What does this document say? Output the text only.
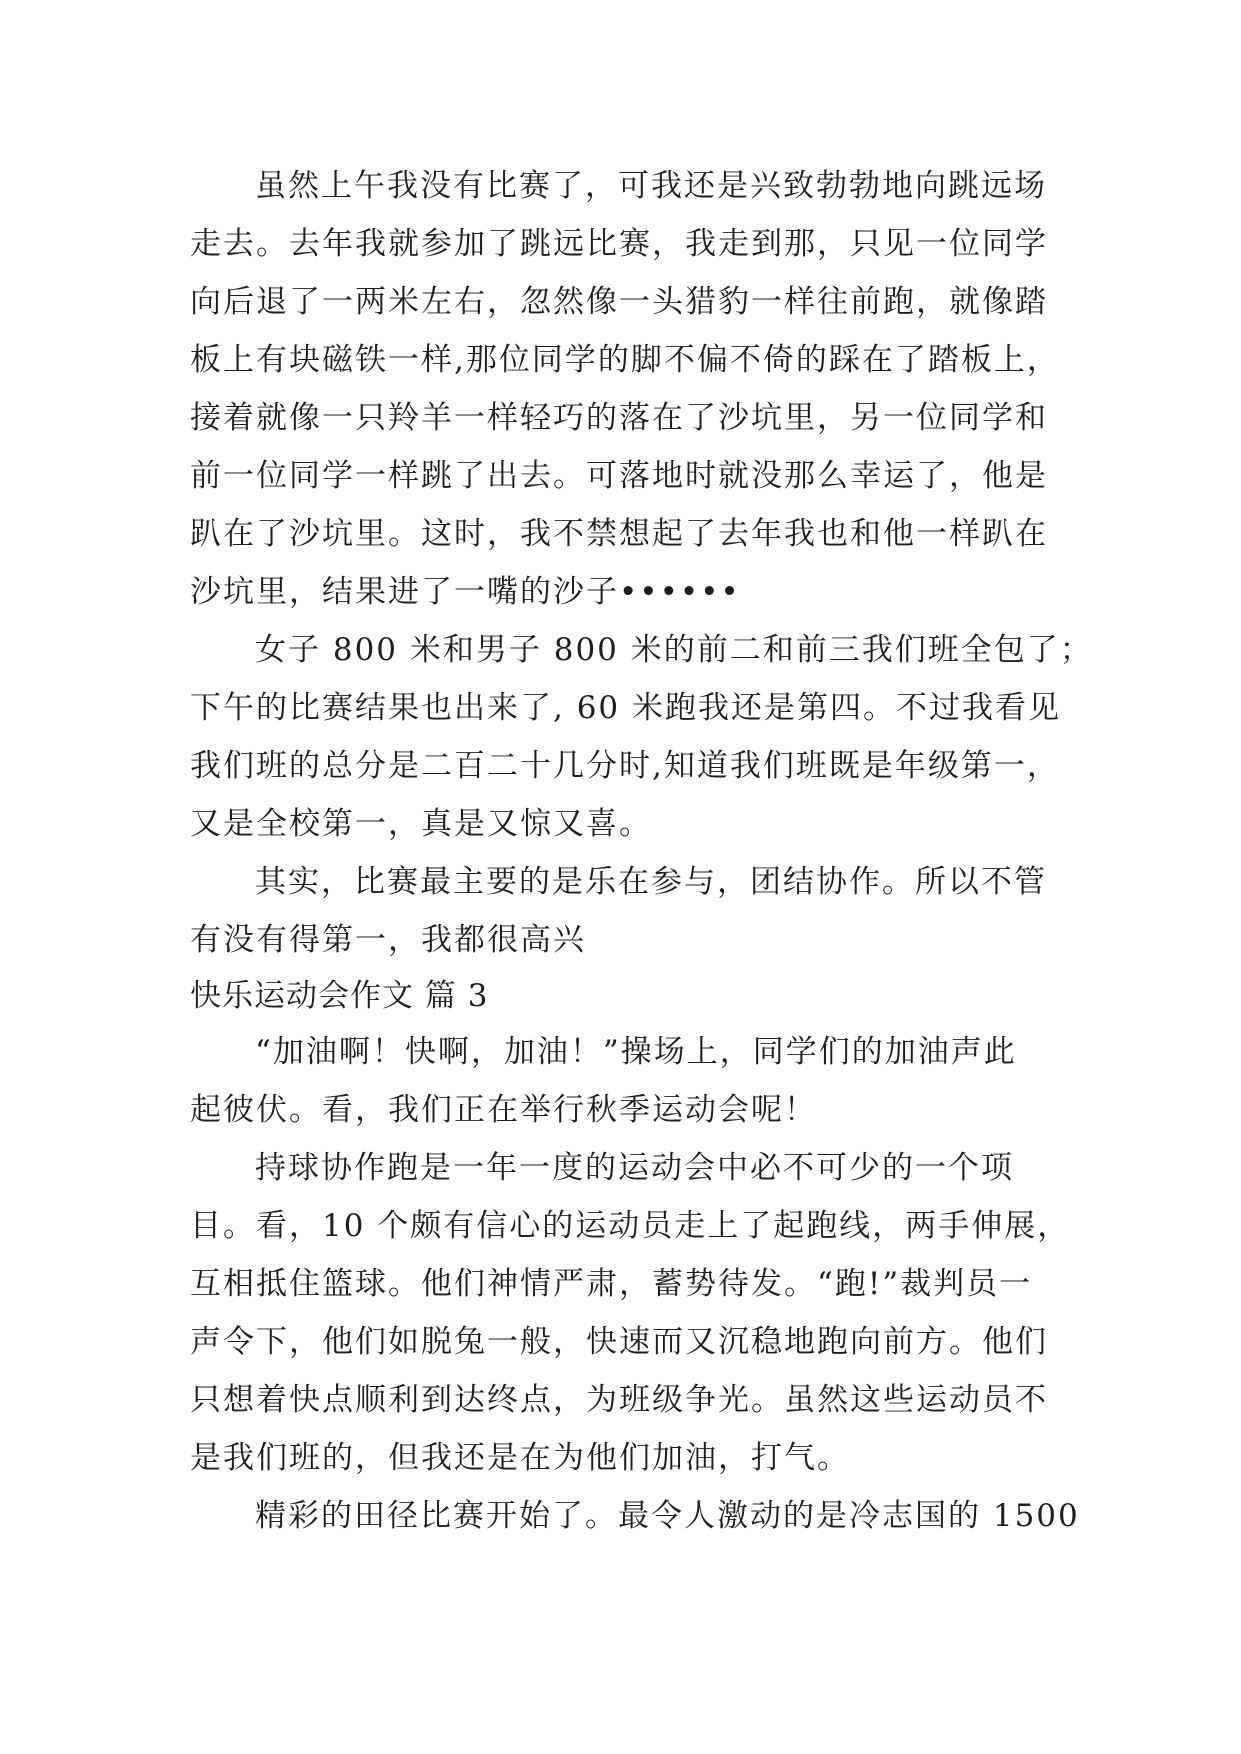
虽然上午我没有比赛了，可我还是兴致勃勃地向跳远场
走去。去年我就参加了跳远比赛，我走到那，只见一位同学
向后退了一两米左右，忽然像一头猎豹一样往前跑，就像踏
板上有块磁铁一样,那位同学的脚不偏不倚的踩在了踏板上，
接着就像一只羚羊一样轻巧的落在了沙坑里，另一位同学和
前一位同学一样跳了出去。可落地时就没那么幸运了，他是
趴在了沙坑里。这时，我不禁想起了去年我也和他一样趴在
沙坑里，结果进了一嘴的沙子••••••
女子 800 米和男子 800 米的前二和前三我们班全包了；
下午的比赛结果也出来了, 60 米跑我还是第四。不过我看见
我们班的总分是二百二十几分时,知道我们班既是年级第一，
又是全校第一，真是又惊又喜。
其实，比赛最主要的是乐在参与，团结协作。所以不管
有没有得第一，我都很高兴
快乐运动会作文 篇 3
“加油啊！快啊，加油！”操场上，同学们的加油声此
起彼伏。看，我们正在举行秋季运动会呢！
持球协作跑是一年一度的运动会中必不可少的一个项
目。看，10 个颇有信心的运动员走上了起跑线，两手伸展，
互相抵住篮球。他们神情严肃，蓄势待发。“跑!”裁判员一
声令下，他们如脱兔一般，快速而又沉稳地跑向前方。他们
只想着快点顺利到达终点，为班级争光。虽然这些运动员不
是我们班的，但我还是在为他们加油，打气。
精彩的田径比赛开始了。最令人激动的是冷志国的 1500
